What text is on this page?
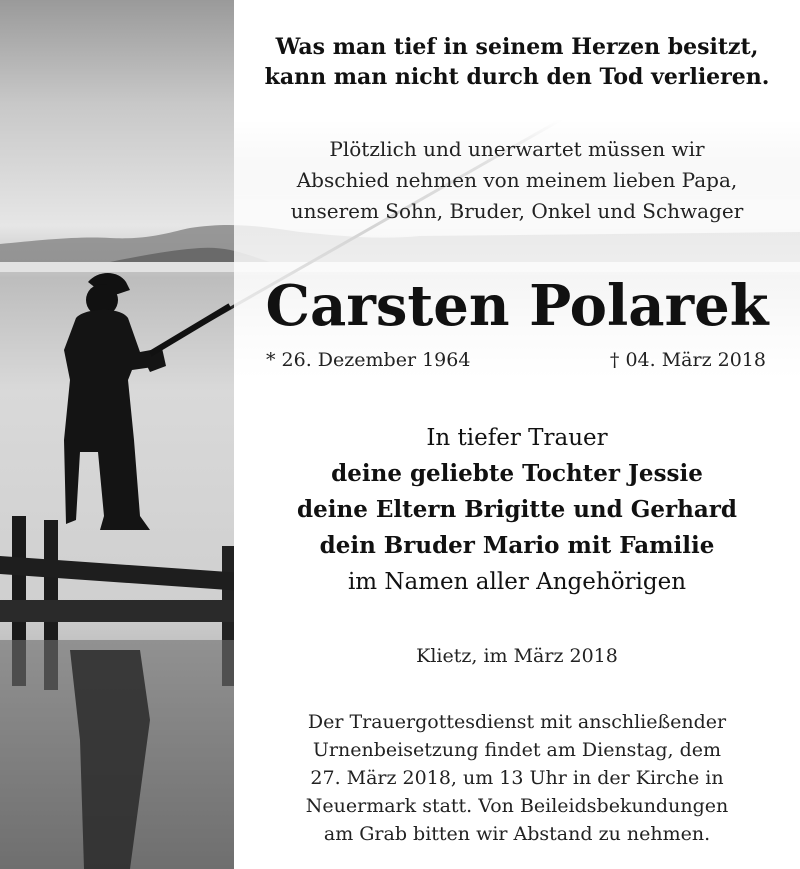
Was man tief in seinem Herzen besitzt,
kann man nicht durch den Tod verlieren.
Plötzlich und unerwartet müssen wir
Abschied nehmen von meinem lieben Papa,
unserem Sohn, Bruder, Onkel und Schwager
Carsten Polarek
* 26. Dezember 1964	† 04. März 2018
In tiefer Trauer
deine geliebte Tochter Jessie
deine Eltern Brigitte und Gerhard
dein Bruder Mario mit Familie
im Namen aller Angehörigen
Klietz, im März 2018
Der Trauergottesdienst mit anschließender
Urnenbeisetzung findet am Dienstag, dem
27. März 2018, um 13 Uhr in der Kirche in
Neuermark statt. Von Beileidsbekundungen
am Grab bitten wir Abstand zu nehmen.
